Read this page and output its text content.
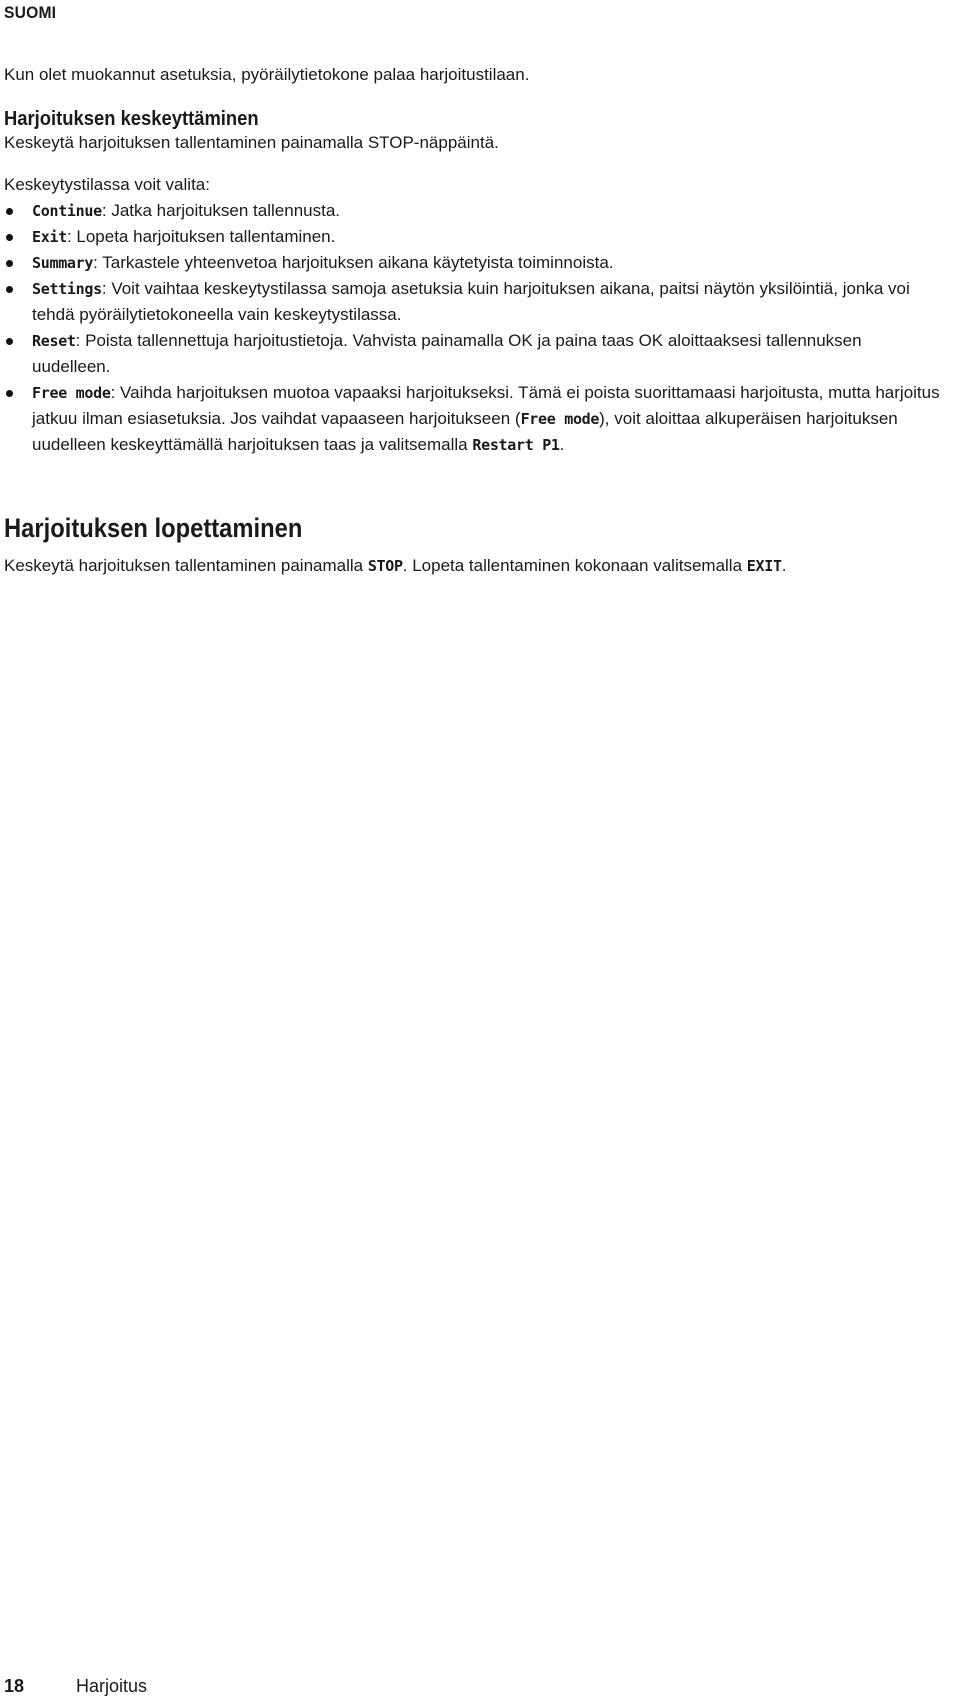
SUOMI
Kun olet muokannut asetuksia, pyöräilytietokone palaa harjoitustilaan.
Harjoituksen keskeyttäminen
Keskeytä harjoituksen tallentaminen painamalla STOP-näppäintä.
Keskeytystilassa voit valita:
Continue: Jatka harjoituksen tallennusta.
Exit: Lopeta harjoituksen tallentaminen.
Summary: Tarkastele yhteenvetoa harjoituksen aikana käytetyista toiminnoista.
Settings: Voit vaihtaa keskeytystilassa samoja asetuksia kuin harjoituksen aikana, paitsi näytön yksilöintiä, jonka voi tehdä pyöräilytietokoneella vain keskeytystilassa.
Reset: Poista tallennettuja harjoitustietoja. Vahvista painamalla OK ja paina taas OK aloittaaksesi tallennuksen uudelleen.
Free mode: Vaihda harjoituksen muotoa vapaaksi harjoitukseksi. Tämä ei poista suorittamaasi harjoitusta, mutta harjoitus jatkuu ilman esiasetuksia. Jos vaihdat vapaaseen harjoitukseen (Free mode), voit aloittaa alkuperäisen harjoituksen uudelleen keskeyttämällä harjoituksen taas ja valitsemalla Restart P1.
Harjoituksen lopettaminen
Keskeytä harjoituksen tallentaminen painamalla STOP. Lopeta tallentaminen kokonaan valitsemalla EXIT.
18	Harjoitus
